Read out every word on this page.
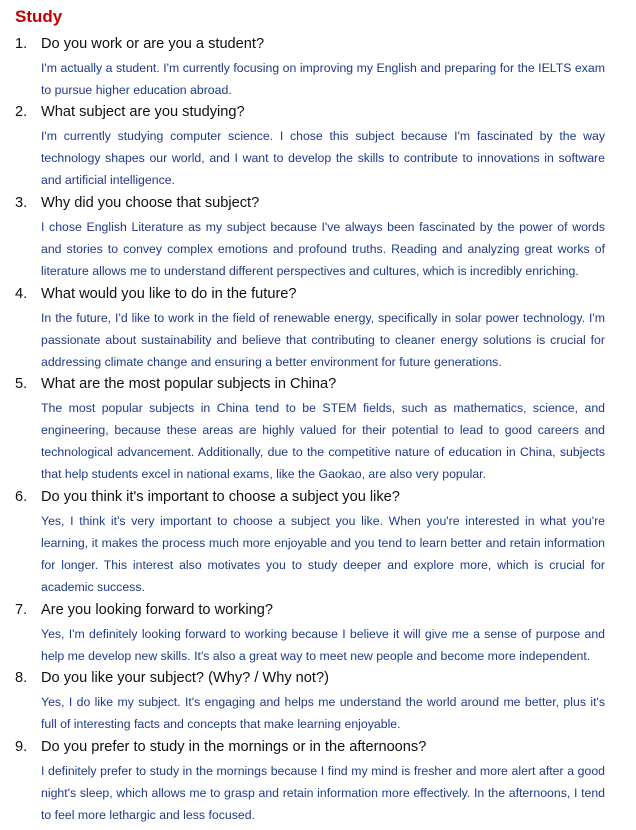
Study
1. Do you work or are you a student?
I'm actually a student. I'm currently focusing on improving my English and preparing for the IELTS exam to pursue higher education abroad.
2. What subject are you studying?
I'm currently studying computer science. I chose this subject because I'm fascinated by the way technology shapes our world, and I want to develop the skills to contribute to innovations in software and artificial intelligence.
3. Why did you choose that subject?
I chose English Literature as my subject because I've always been fascinated by the power of words and stories to convey complex emotions and profound truths. Reading and analyzing great works of literature allows me to understand different perspectives and cultures, which is incredibly enriching.
4. What would you like to do in the future?
In the future, I'd like to work in the field of renewable energy, specifically in solar power technology. I'm passionate about sustainability and believe that contributing to cleaner energy solutions is crucial for addressing climate change and ensuring a better environment for future generations.
5. What are the most popular subjects in China?
The most popular subjects in China tend to be STEM fields, such as mathematics, science, and engineering, because these areas are highly valued for their potential to lead to good careers and technological advancement. Additionally, due to the competitive nature of education in China, subjects that help students excel in national exams, like the Gaokao, are also very popular.
6. Do you think it's important to choose a subject you like?
Yes, I think it's very important to choose a subject you like. When you're interested in what you're learning, it makes the process much more enjoyable and you tend to learn better and retain information for longer. This interest also motivates you to study deeper and explore more, which is crucial for academic success.
7. Are you looking forward to working?
Yes, I'm definitely looking forward to working because I believe it will give me a sense of purpose and help me develop new skills. It's also a great way to meet new people and become more independent.
8. Do you like your subject? (Why? / Why not?)
Yes, I do like my subject. It's engaging and helps me understand the world around me better, plus it's full of interesting facts and concepts that make learning enjoyable.
9. Do you prefer to study in the mornings or in the afternoons?
I definitely prefer to study in the mornings because I find my mind is fresher and more alert after a good night's sleep, which allows me to grasp and retain information more effectively. In the afternoons, I tend to feel more lethargic and less focused.
